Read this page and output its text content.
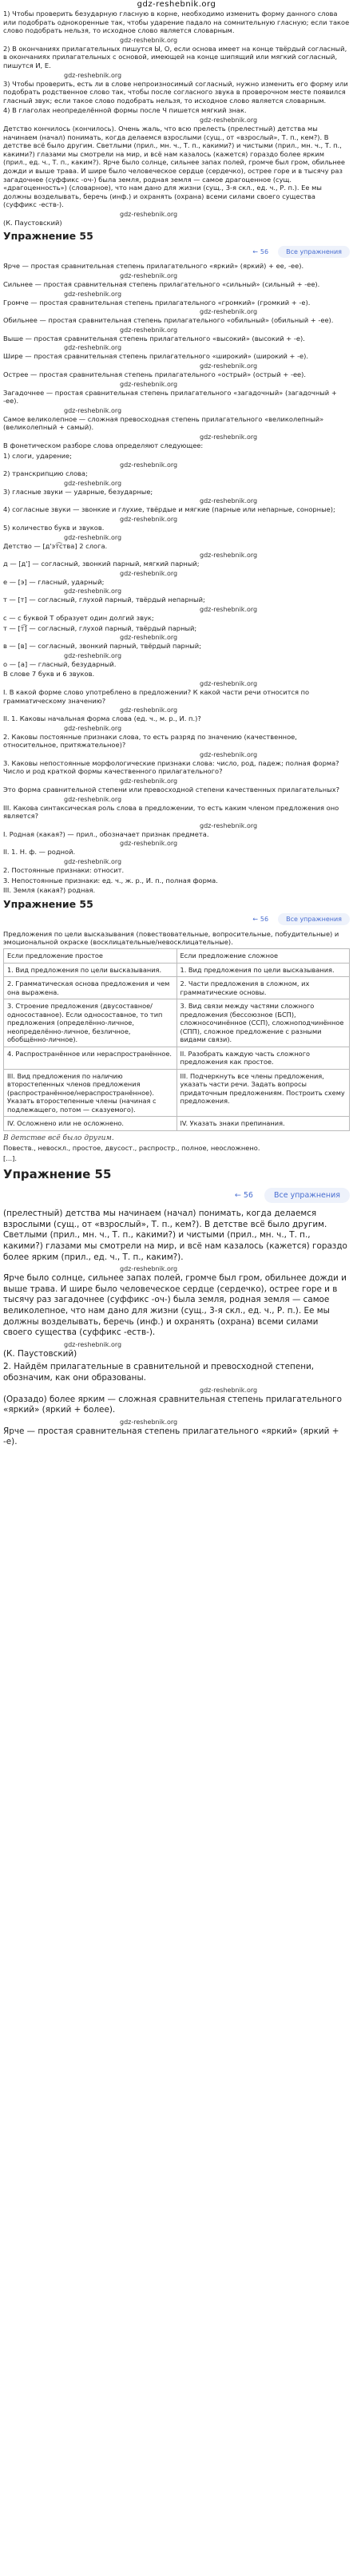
gdz-reshebnik.org

1) Чтобы проверить безударную гласную в корне, необходимо изменить форму данного слова или подобрать однокоренные так, чтобы ударение падало на сомнительную гласную; если такое слово подобрать нельзя, то исходное слово является словарным.

gdz-reshebnik.org

2) В окончаниях прилагательных пишутся Ы, О, если основа имеет на конце твёрдый согласный, в окончаниях прилагательных с основой, имеющей на конце шипящий или мягкий согласный, пишутся И, Е.

gdz-reshebnik.org

3) Чтобы проверить, есть ли в слове непроизносимый согласный, нужно изменить его форму или подобрать родственное слово так, чтобы после согласного звука в проверочном месте появился гласный звук; если такое слово подобрать нельзя, то исходное слово является словарным.

4) В глаголах неопределённой формы после Ч пишется мягкий знак.

gdz-reshebnik.org

Детство кончилось (кончилось). Очень жаль, что всю прелесть (прелестный) детства мы начинаем (начал) понимать, когда делаемся взрослыми (сущ., от «взрослый», Т. п., кем?). В детстве всё было другим. Светлыми (прил., мн. ч., Т. п., какими?) и чистыми (прил., мн. ч., Т. п., какими?) глазами мы смотрели на мир, и всё нам казалось (кажется) гораздо более ярким (прил., ед. ч., Т. п., каким?). Ярче было солнце, сильнее запах полей, громче был гром, обильнее дожди и выше трава. И шире было человеческое сердце (сердечко), острее горе и в тысячу раз загадочнее (суффикс -оч-) была земля, родная земля — самое драгоценное (сущ. «драгоценность») (словарное), что нам дано для жизни (сущ., 3-я скл., ед. ч., Р. п.). Ее мы должны возделывать, беречь (инф.) и охранять (охрана) всеми силами своего существа (суффикс -еств-).

gdz-reshebnik.org

(К. Паустовский)

Упражнение 55
← 56	Все упражнения

Ярче — простая сравнительная степень прилагательного «яркий» (яркий) + ее, -ее).

gdz-reshebnik.org

Сильнее — простая сравнительная степень прилагательного «сильный» (сильный + -ее).

gdz-reshebnik.org

Громче — простая сравнительная степень прилагательного «громкий» (громкий + -е).

gdz-reshebnik.org

Обильнее — простая сравнительная степень прилагательного «обильный» (обильный + -ее).

gdz-reshebnik.org

Выше — простая сравнительная степень прилагательного «высокий» (высокий + -е).

gdz-reshebnik.org

Шире — простая сравнительная степень прилагательного «широкий» (широкий + -е).

gdz-reshebnik.org

Острее — простая сравнительная степень прилагательного «острый» (острый + -ее).

gdz-reshebnik.org

Загадочнее — простая сравнительная степень прилагательного «загадочный» (загадочный + -ее).

gdz-reshebnik.org

Самое великолепное — сложная превосходная степень прилагательного «великолепный» (великолепный + самый).

gdz-reshebnik.org

В фонетическом разборе слова определяют следующее:

1) слоги, ударение;

gdz-reshebnik.org

2) транскрипцию слова;

gdz-reshebnik.org

3) гласные звуки — ударные, безударные;

gdz-reshebnik.org

4) согласные звуки — звонкие и глухие, твёрдые и мягкие (парные или непарные, сонорные);

gdz-reshebnik.org

5) количество букв и звуков.

gdz-reshebnik.org

Детство — [д'эт͡ства] 2 слога.

gdz-reshebnik.org

д — [д'] — согласный, звонкий парный, мягкий парный;

gdz-reshebnik.org

е — [э] — гласный, ударный;

gdz-reshebnik.org

т — [т] — согласный, глухой парный, твёрдый непарный;

gdz-reshebnik.org

с — с буквой Т образует один долгий звук;

т — [т͡] — согласный, глухой парный, твёрдый парный;

gdz-reshebnik.org

в — [в] — согласный, звонкий парный, твёрдый парный;

gdz-reshebnik.org

о — [а] — гласный, безударный.

В слове 7 букв и 6 звуков.

gdz-reshebnik.org

I. В какой форме слово употреблено в предложении? К какой части речи относится по грамматическому значению?

gdz-reshebnik.org

II. 1. Каковы начальная форма слова (ед. ч., м. р., И. п.)?

gdz-reshebnik.org

2. Каковы постоянные признаки слова, то есть разряд по значению (качественное, относительное, притяжательное)?

gdz-reshebnik.org

3. Каковы непостоянные морфологические признаки слова: число, род, падеж; полная форма? Число и род краткой формы качественного прилагательного?

gdz-reshebnik.org

Это форма сравнительной степени или превосходной степени качественных прилагательных?

gdz-reshebnik.org

III. Какова синтаксическая роль слова в предложении, то есть каким членом предложения оно является?

gdz-reshebnik.org

I. Родная (какая?) — прил., обозначает признак предмета.

gdz-reshebnik.org

II. 1. Н. ф. — родной.

gdz-reshebnik.org

2. Постоянные признаки: относит.

3. Непостоянные признаки: ед. ч., ж. р., И. п., полная форма.

III. Земля (какая?) родная.

Упражнение 55
← 56	Все упражнения

Предложения по цели высказывания (повествовательные, вопросительные, побудительные) и эмоциональной окраске (восклицательные/невосклицательные).

Если предложение простое	Если предложение сложное
1. Вид предложения по цели высказывания.	1. Вид предложения по цели высказывания.
2. Грамматическая основа предложения и чем она выражена.	2. Части предложения в сложном, их грамматические основы.
3. Строение предложения (двусоставное/односоставное). Если односоставное, то тип предложения (определённо-личное, неопределённо-личное, безличное, обобщённо-личное).	3. Вид связи между частями сложного предложения (бессоюзное (БСП), сложносочинённое (ССП), сложноподчинённое (СПП), сложное предложение с разными видами связи).
4. Распространённое или нераспространённое.	II. Разобрать каждую часть сложного предложения как простое.
III. Вид предложения по наличию второстепенных членов предложения (распространённое/нераспространённое). Указать второстепенные члены (начиная с подлежащего, потом — сказуемого).	III. Подчеркнуть все члены предложения, указать части речи. Задать вопросы придаточным предложениям. Построить схему предложения.
IV. Осложнено или не осложнено.	IV. Указать знаки препинания.

В детстве всё было другим.

Повеств., невоскл., простое, двусост., распростр., полное, неосложнено.

[...].

Упражнение 55
← 56	Все упражнения

(прелестный) детства мы начинаем (начал) понимать, когда делаемся взрослыми (сущ., от «взрослый», Т. п., кем?). В детстве всё было другим. Светлыми (прил., мн. ч., Т. п., какими?) и чистыми (прил., мн. ч., Т. п., какими?) глазами мы смотрели на мир, и всё нам казалось (кажется) гораздо более ярким (прил., ед. ч., Т. п., каким?).

gdz-reshebnik.org

Ярче было солнце, сильнее запах полей, громче был гром, обильнее дожди и выше трава. И шире было человеческое сердце (сердечко), острее горе и в тысячу раз загадочнее (суффикс -оч-) была земля, родная земля — самое великолепное, что нам дано для жизни (сущ., 3-я скл., ед. ч., Р. п.). Ее мы должны возделывать, беречь (инф.) и охранять (охрана) всеми силами своего существа (суффикс -еств-).

gdz-reshebnik.org

(К. Паустовский)

2. Найдём прилагательные в сравнительной и превосходной степени, обозначим, как они образованы.

gdz-reshebnik.org

(Оразадо) более ярким — сложная сравнительная степень прилагательного «яркий» (яркий + более).

gdz-reshebnik.org

Ярче — простая сравнительная степень прилагательного «яркий» (яркий + -е).
